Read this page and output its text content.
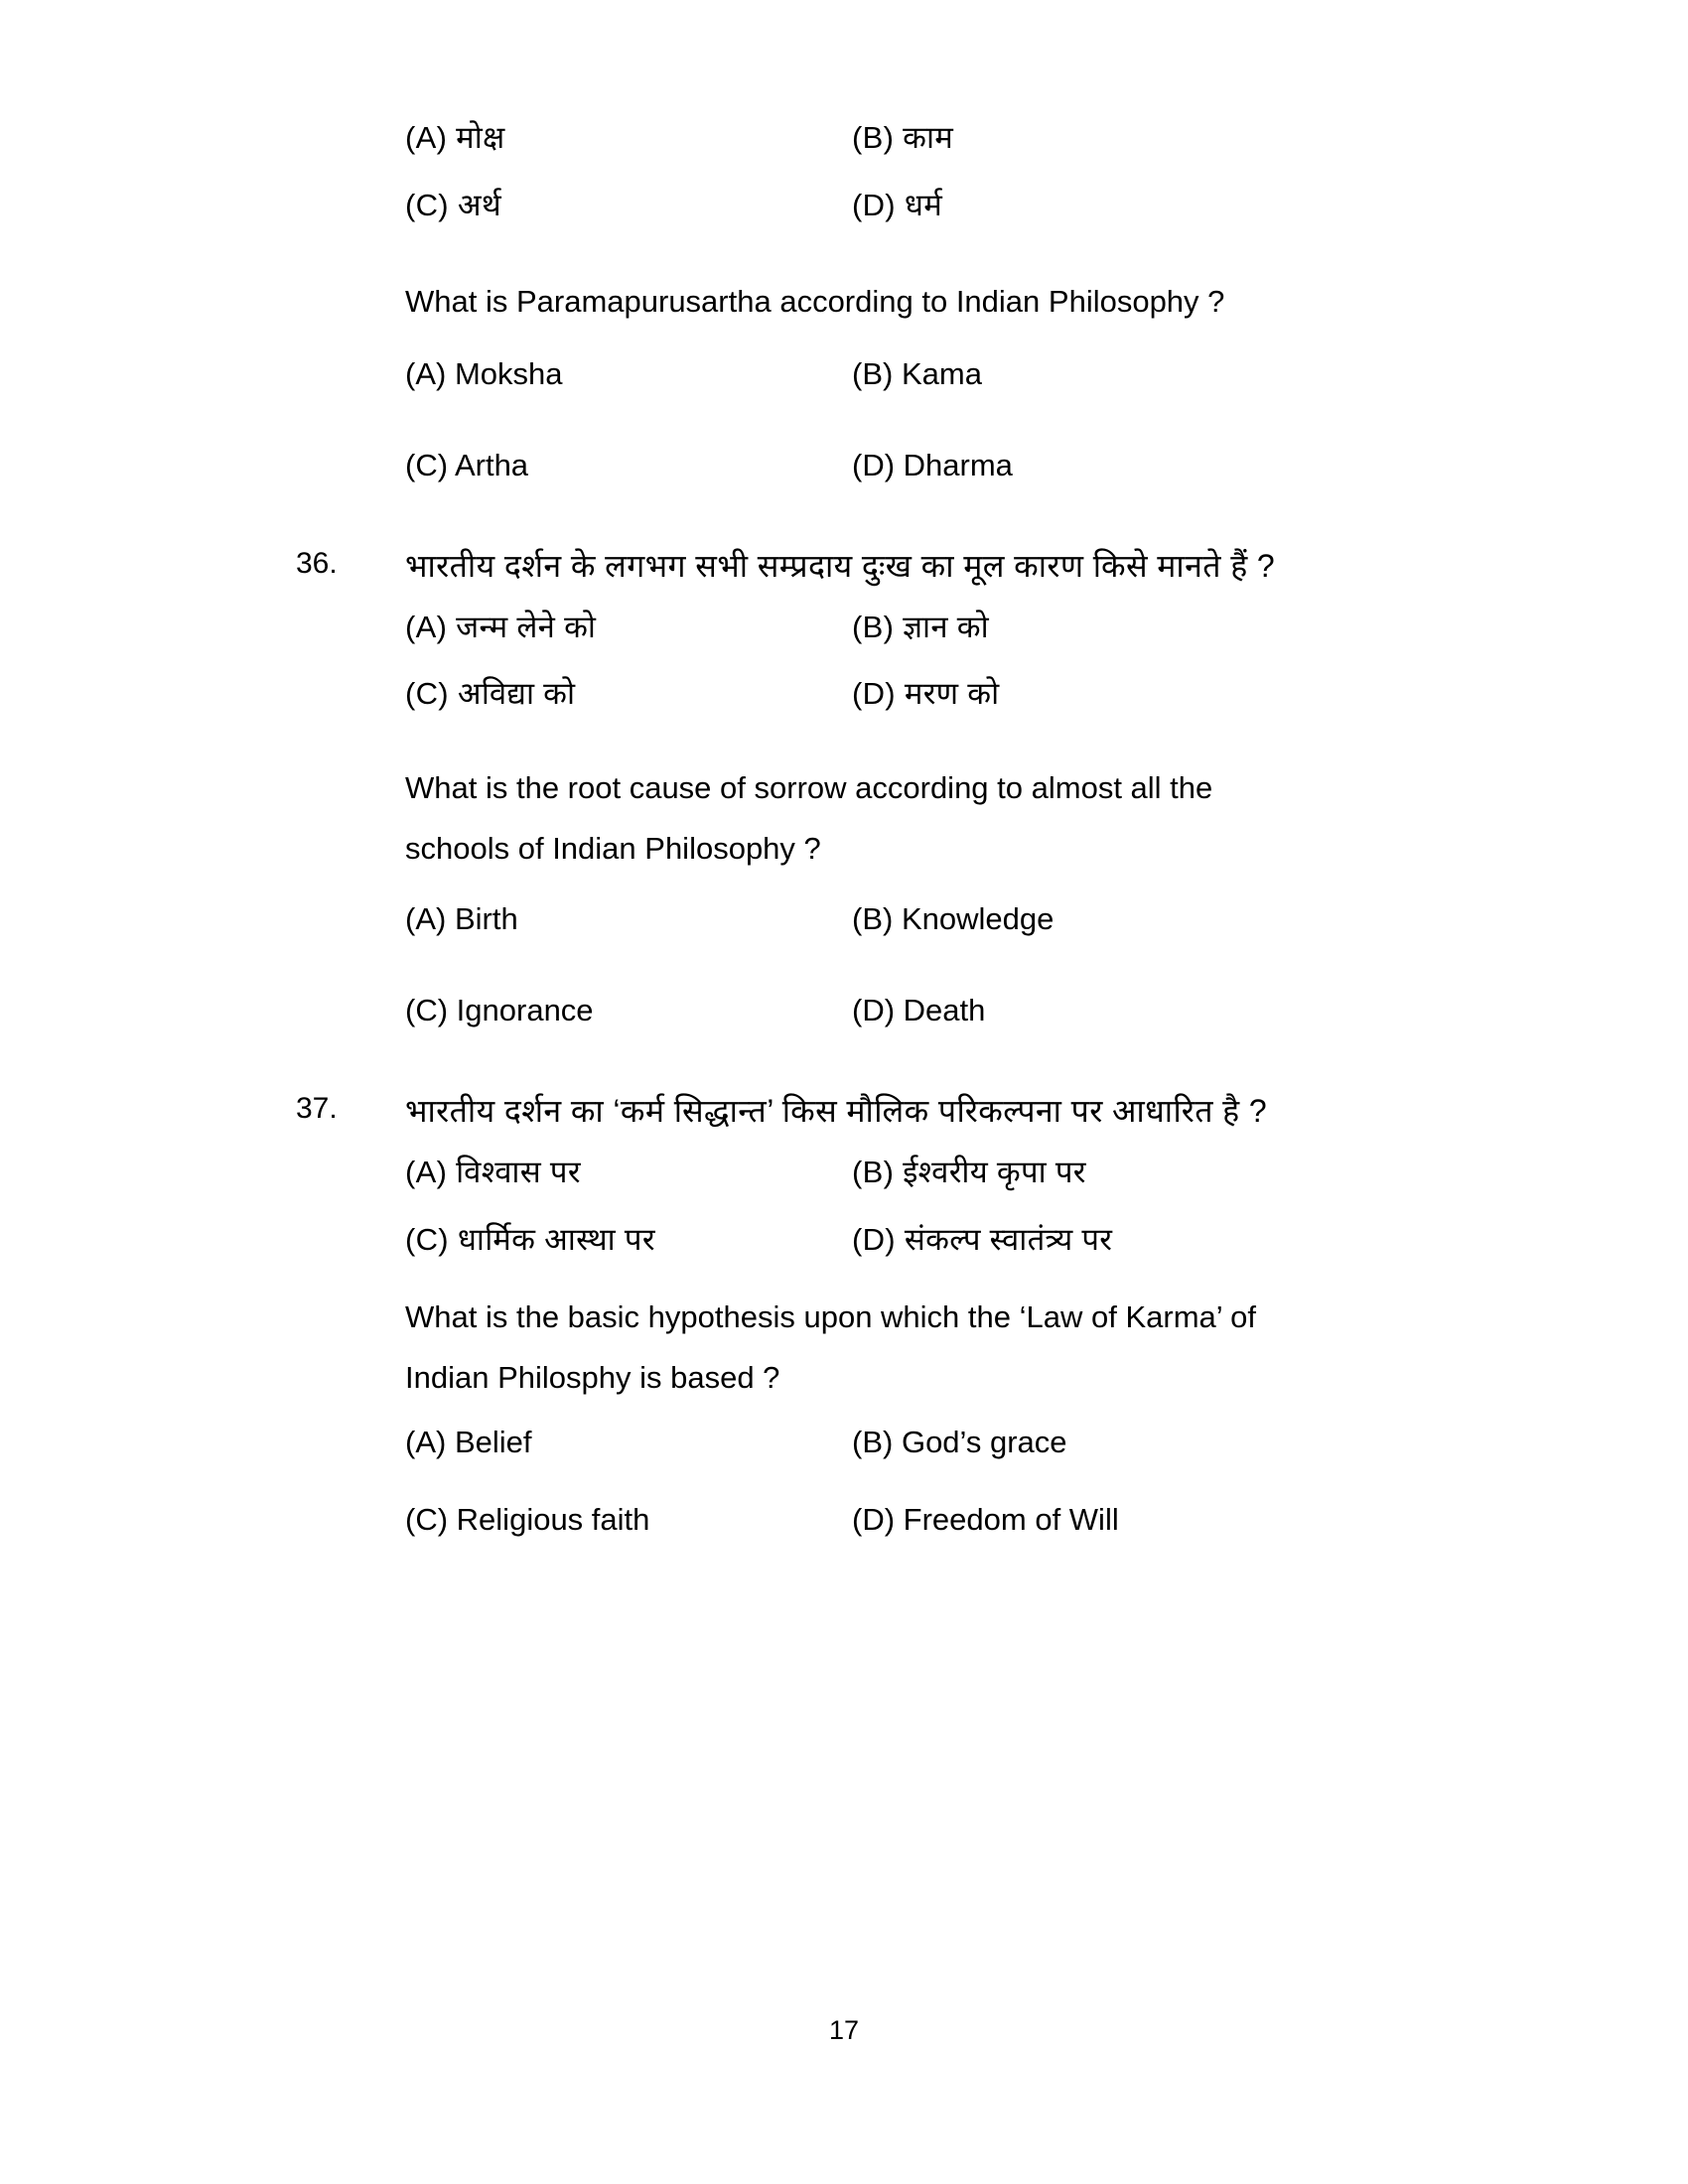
(A) मोक्ष	(B) काम
(C) अर्थ	(D) धर्म
What is Paramapurusartha according to Indian Philosophy ?
(A) Moksha	(B) Kama
(C) Artha	(D) Dharma
36.	भारतीय दर्शन के लगभग सभी सम्प्रदाय दुःख का मूल कारण किसे मानते हैं ?
(A) जन्म लेने को	(B) ज्ञान को
(C) अविद्या को	(D) मरण को
What is the root cause of sorrow according to almost all the
schools of Indian Philosophy ?
(A) Birth	(B) Knowledge
(C) Ignorance	(D) Death
37.	भारतीय दर्शन का ‘कर्म सिद्धान्त’ किस मौलिक परिकल्पना पर आधारित है ?
(A) विश्वास पर	(B) ईश्वरीय कृपा पर
(C) धार्मिक आस्था पर	(D) संकल्प स्वातंत्र्य पर
What is the basic hypothesis upon which the ‘Law of Karma’ of
Indian Philosphy is based ?
(A) Belief	(B) God’s grace
(C) Religious faith	(D) Freedom of Will
17
